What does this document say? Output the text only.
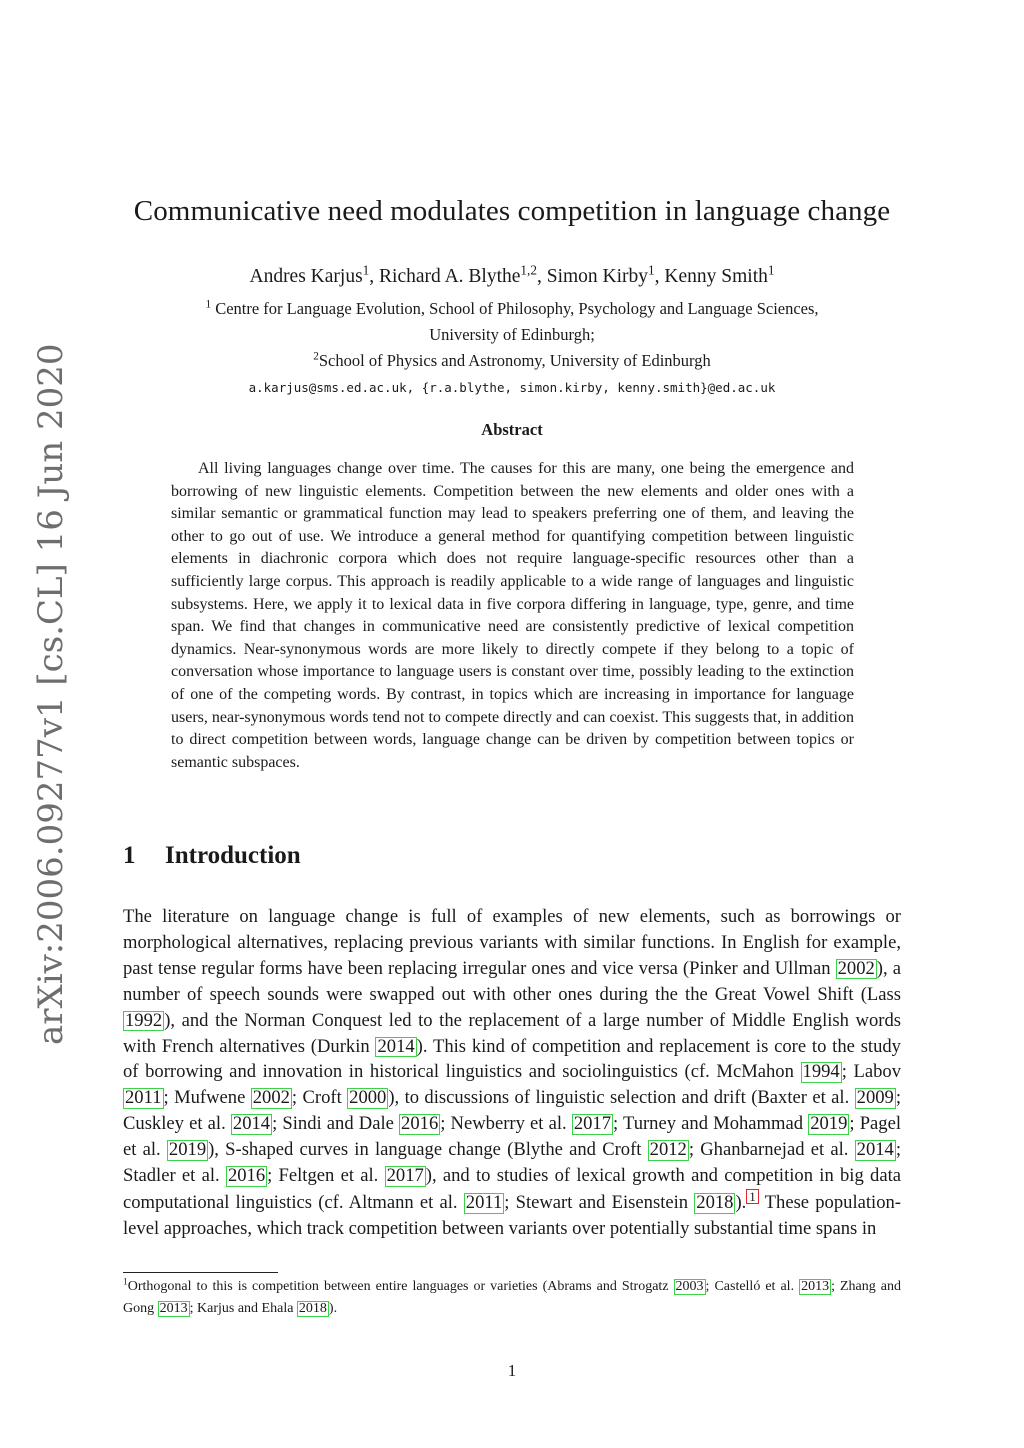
arXiv:2006.09277v1 [cs.CL] 16 Jun 2020
Communicative need modulates competition in language change
Andres Karjus$^1$, Richard A. Blythe$^{1,2}$, Simon Kirby$^1$, Kenny Smith$^1$
$^1$ Centre for Language Evolution, School of Philosophy, Psychology and Language Sciences,
University of Edinburgh;
$^2$School of Physics and Astronomy, University of Edinburgh
a.karjus@sms.ed.ac.uk, {r.a.blythe, simon.kirby, kenny.smith}@ed.ac.uk
Abstract

All living languages change over time. The causes for this are many, one being the emergence and borrowing of new linguistic elements. Competition between the new elements and older ones with a similar semantic or grammatical function may lead to speakers preferring one of them, and leaving the other to go out of use. We introduce a general method for quantifying competition between linguistic elements in diachronic corpora which does not require language-specific resources other than a sufficiently large corpus. This approach is readily applicable to a wide range of languages and linguistic subsystems. Here, we apply it to lexical data in five corpora differing in language, type, genre, and time span. We find that changes in communicative need are consistently predictive of lexical competition dynamics. Near-synonymous words are more likely to directly compete if they belong to a topic of conversation whose importance to language users is constant over time, possibly leading to the extinction of one of the competing words. By contrast, in topics which are increasing in importance for language users, near-synonymous words tend not to compete directly and can coexist. This suggests that, in addition to direct competition between words, language change can be driven by competition between topics or semantic subspaces.

1 Introduction

The literature on language change is full of examples of new elements, such as borrowings or morphological alternatives, replacing previous variants with similar functions. In English for example, past tense regular forms have been replacing irregular ones and vice versa (Pinker and Ullman 2002 ), a number of speech sounds were swapped out with other ones during the the Great Vowel Shift (Lass 1992 ), and the Norman Conquest led to the replacement of a large number of Middle English words with French alternatives (Durkin 2014 ). This kind of competition and replacement is core to the study of borrowing and innovation in historical linguistics and sociolinguistics (cf. McMahon 1994 ; Labov 2011 ; Mufwene 2002 ; Croft 2000 ), to discussions of linguistic selection and drift (Baxter et al. 2009 ; Cuskley et al. 2014 ; Sindi and Dale 2016 ; Newberry et al. 2017 ; Turney and Mohammad 2019 ; Pagel et al. 2019 ), S-shaped curves in language change (Blythe and Croft 2012 ; Ghanbarnejad et al. 2014 ; Stadler et al. 2016 ; Feltgen et al. 2017 ), and to studies of lexical growth and competition in big data computational linguistics (cf. Altmann et al. 2011 ; Stewart and Eisenstein 2018 ). 1 These population-level approaches, which track competition between variants over potentially substantial time spans in

$^1$Orthogonal to this is competition between entire languages or varieties (Abrams and Strogatz 2003 ; Castelló et al. 2013 ; Zhang and Gong 2013 ; Karjus and Ehala 2018 ).

1
